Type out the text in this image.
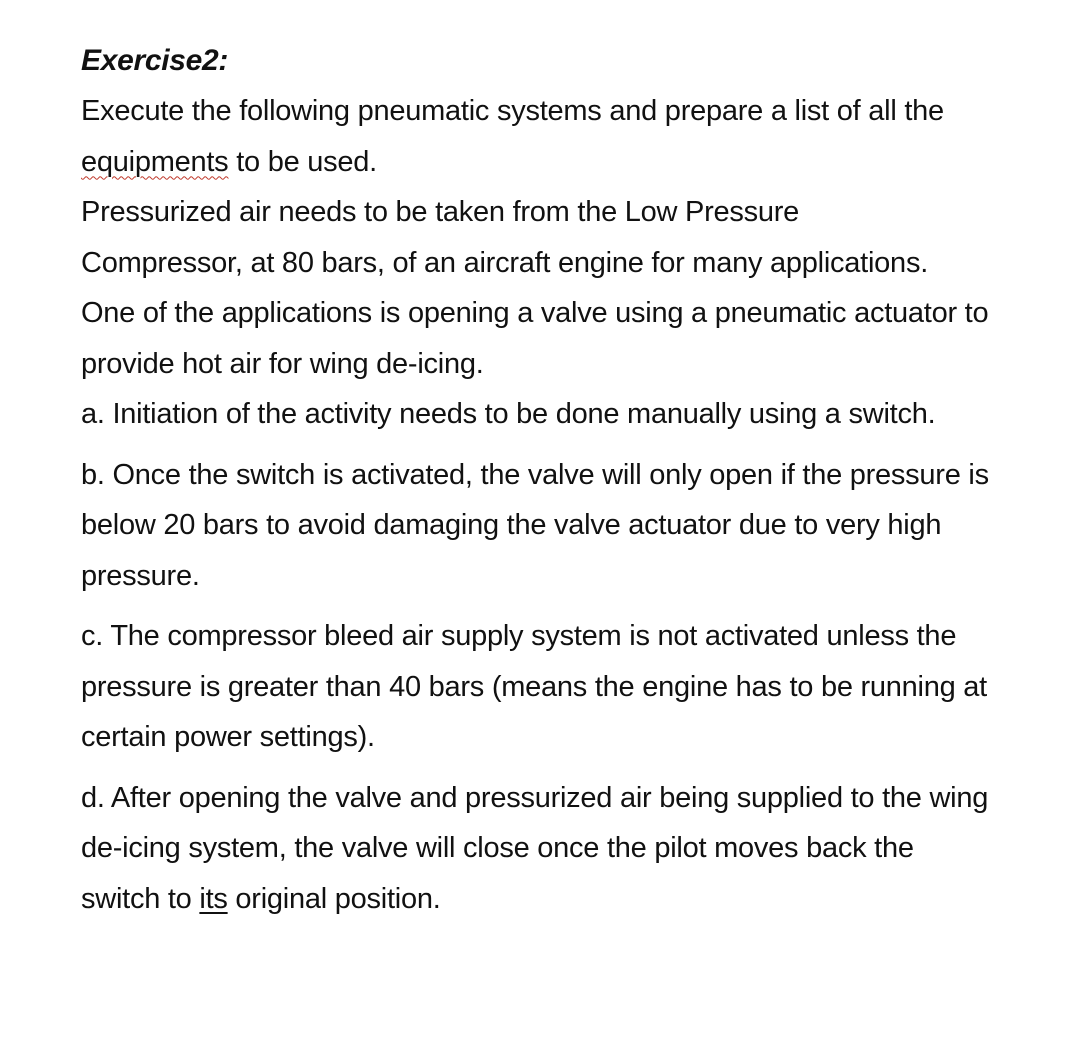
Exercise2:

Execute the following pneumatic systems and prepare a list of all the equipments to be used.

Pressurized air needs to be taken from the Low Pressure Compressor, at 80 bars, of an aircraft engine for many applications.

One of the applications is opening a valve using a pneumatic actuator to provide hot air for wing de-icing.

a. Initiation of the activity needs to be done manually using a switch.

b. Once the switch is activated, the valve will only open if the pressure is below 20 bars to avoid damaging the valve actuator due to very high pressure.

c. The compressor bleed air supply system is not activated unless the pressure is greater than 40 bars (means the engine has to be running at certain power settings).

d. After opening the valve and pressurized air being supplied to the wing de-icing system, the valve will close once the pilot moves back the switch to its original position.
